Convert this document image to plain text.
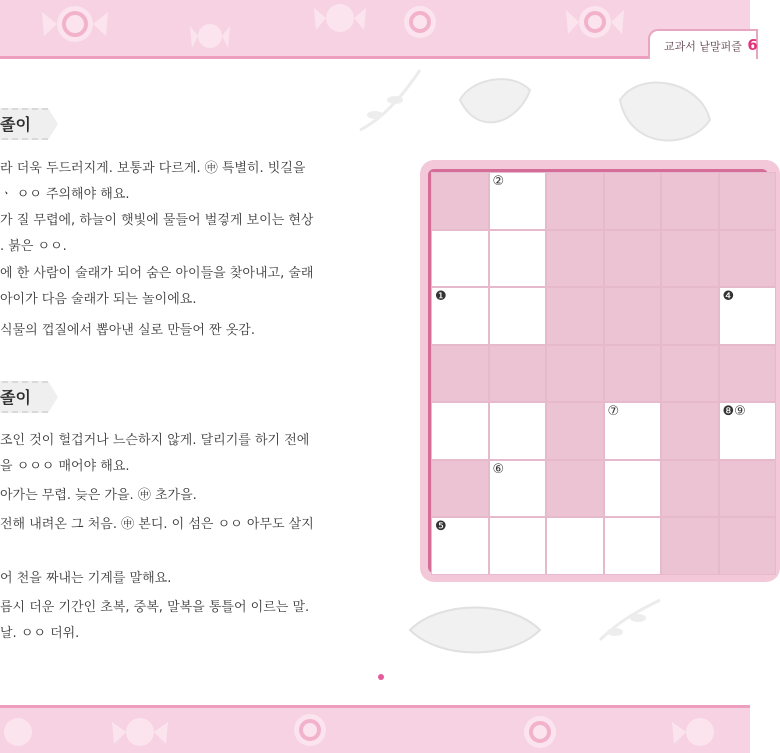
교과서 낱말퍼즐 6
졸이
라 더욱 두드러지게. 보통과 다르게. ㊥ 특별히. 빗길을
ㆍ ㅇㅇ 주의해야 해요.
가 질 무렵에, 하늘이 햇빛에 물들어 벌겋게 보이는 현상
. 붉은 ㅇㅇ.
에 한 사람이 술래가 되어 숨은 아이들을 찾아내고, 술래
아이가 다음 술래가 되는 놀이에요.
식물의 껍질에서 뽑아낸 실로 만들어 짠 옷감.
졸이
조인 것이 헐겁거나 느슨하지 않게. 달리기를 하기 전에
을 ㅇㅇㅇ 매어야 해요.
아가는 무렵. 늦은 가을. ㊥ 초가을.
전해 내려온 그 처음. ㊥ 본디. 이 섬은 ㅇㅇ 아무도 살지
어 천을 짜내는 기계를 말해요.
름시 더운 기간인 초복, 중복, 말복을 통틀어 이르는 말.
날. ㅇㅇ 더위.
②
❶	❹
⑦	❽⑨
⑥
❺
